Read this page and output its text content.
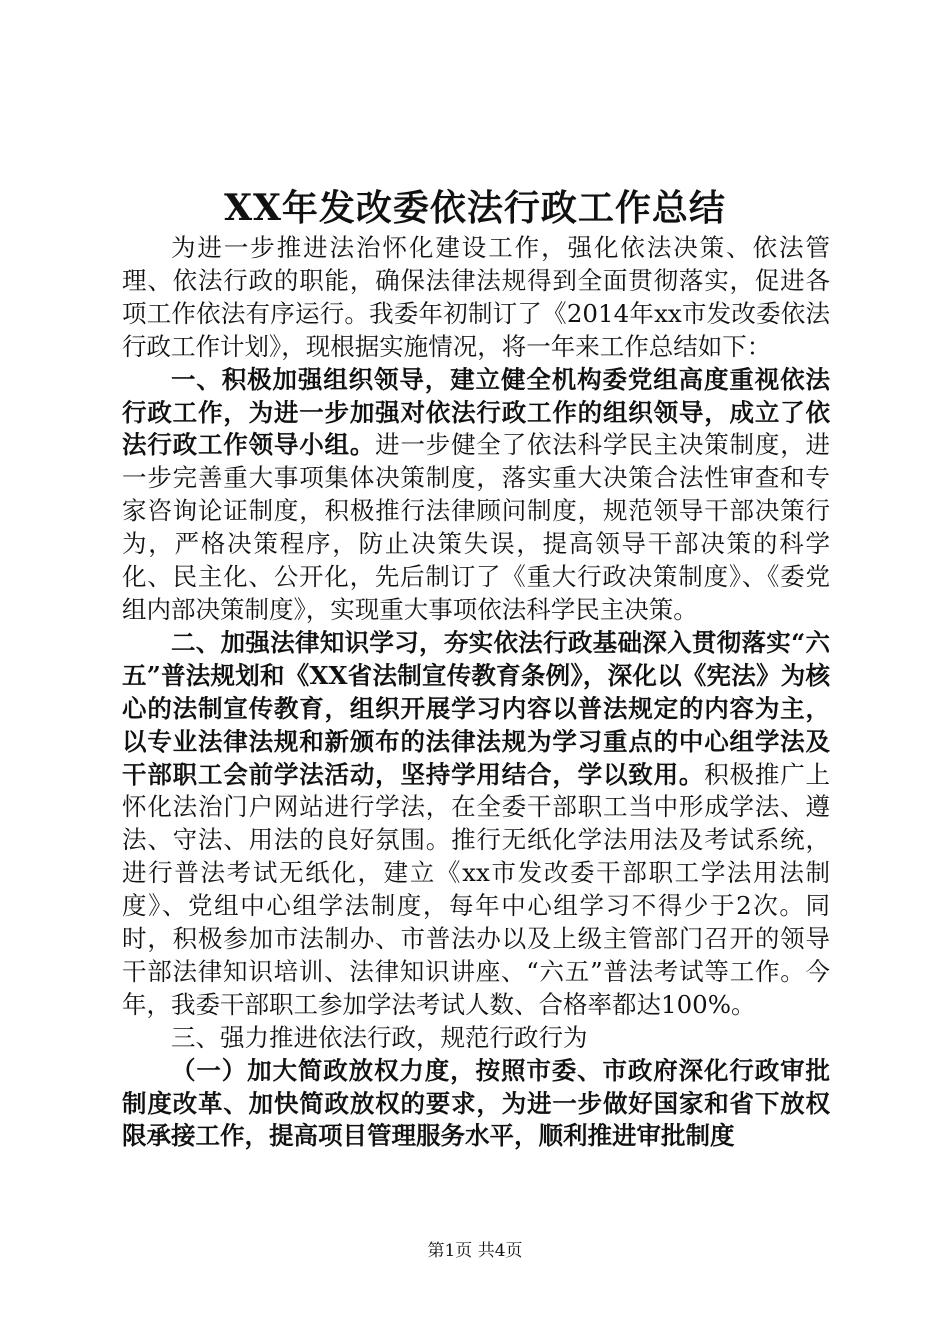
XX年发改委依法行政工作总结

为进一步推进法治怀化建设工作，强化依法决策、依法管理、依法行政的职能，确保法律法规得到全面贯彻落实，促进各项工作依法有序运行。我委年初制订了《2014年xx市发改委依法行政工作计划》，现根据实施情况，将一年来工作总结如下：

一、积极加强组织领导，建立健全机构委党组高度重视依法行政工作，为进一步加强对依法行政工作的组织领导，成立了依法行政工作领导小组。进一步健全了依法科学民主决策制度，进一步完善重大事项集体决策制度，落实重大决策合法性审查和专家咨询论证制度，积极推行法律顾问制度，规范领导干部决策行为，严格决策程序，防止决策失误，提高领导干部决策的科学化、民主化、公开化，先后制订了《重大行政决策制度》、《委党组内部决策制度》，实现重大事项依法科学民主决策。

二、加强法律知识学习，夯实依法行政基础深入贯彻落实“六五”普法规划和《XX省法制宣传教育条例》，深化以《宪法》为核心的法制宣传教育，组织开展学习内容以普法规定的内容为主，以专业法律法规和新颁布的法律法规为学习重点的中心组学法及干部职工会前学法活动，坚持学用结合，学以致用。积极推广上怀化法治门户网站进行学法，在全委干部职工当中形成学法、遵法、守法、用法的良好氛围。推行无纸化学法用法及考试系统，进行普法考试无纸化，建立《xx市发改委干部职工学法用法制度》、党组中心组学法制度，每年中心组学习不得少于2次。同时，积极参加市法制办、市普法办以及上级主管部门召开的领导干部法律知识培训、法律知识讲座、“六五”普法考试等工作。今年，我委干部职工参加学法考试人数、合格率都达100%。

三、强力推进依法行政，规范行政行为

（一）加大简政放权力度，按照市委、市政府深化行政审批制度改革、加快简政放权的要求，为进一步做好国家和省下放权限承接工作，提高项目管理服务水平，顺利推进审批制度

第1页 共4页
